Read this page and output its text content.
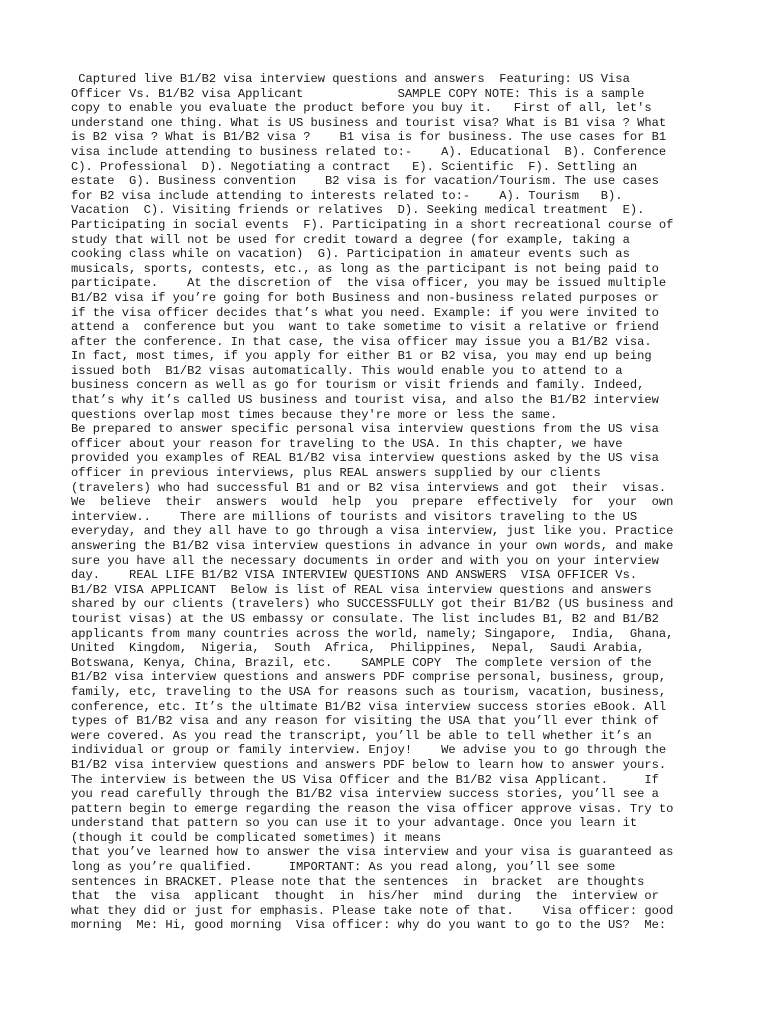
Captured live B1/B2 visa interview questions and answers  Featuring: US Visa
Officer Vs. B1/B2 visa Applicant             SAMPLE COPY NOTE: This is a sample
copy to enable you evaluate the product before you buy it.   First of all, let's
understand one thing. What is US business and tourist visa? What is B1 visa ? What
is B2 visa ? What is B1/B2 visa ?    B1 visa is for business. The use cases for B1
visa include attending to business related to:-    A). Educational  B). Conference
C). Professional  D). Negotiating a contract   E). Scientific  F). Settling an
estate  G). Business convention    B2 visa is for vacation/Tourism. The use cases
for B2 visa include attending to interests related to:-    A). Tourism   B).
Vacation  C). Visiting friends or relatives  D). Seeking medical treatment  E).
Participating in social events  F). Participating in a short recreational course of
study that will not be used for credit toward a degree (for example, taking a
cooking class while on vacation)  G). Participation in amateur events such as
musicals, sports, contests, etc., as long as the participant is not being paid to
participate.    At the discretion of  the visa officer, you may be issued multiple
B1/B2 visa if you’re going for both Business and non-business related purposes or
if the visa officer decides that’s what you need. Example: if you were invited to
attend a  conference but you  want to take sometime to visit a relative or friend
after the conference. In that case, the visa officer may issue you a B1/B2 visa.
In fact, most times, if you apply for either B1 or B2 visa, you may end up being
issued both  B1/B2 visas automatically. This would enable you to attend to a
business concern as well as go for tourism or visit friends and family. Indeed,
that’s why it’s called US business and tourist visa, and also the B1/B2 interview
questions overlap most times because they're more or less the same.
Be prepared to answer specific personal visa interview questions from the US visa
officer about your reason for traveling to the USA. In this chapter, we have
provided you examples of REAL B1/B2 visa interview questions asked by the US visa
officer in previous interviews, plus REAL answers supplied by our clients
(travelers) who had successful B1 and or B2 visa interviews and got  their  visas.
We  believe  their  answers  would  help  you  prepare  effectively  for  your  own
interview..    There are millions of tourists and visitors traveling to the US
everyday, and they all have to go through a visa interview, just like you. Practice
answering the B1/B2 visa interview questions in advance in your own words, and make
sure you have all the necessary documents in order and with you on your interview
day.    REAL LIFE B1/B2 VISA INTERVIEW QUESTIONS AND ANSWERS  VISA OFFICER Vs.
B1/B2 VISA APPLICANT  Below is list of REAL visa interview questions and answers
shared by our clients (travelers) who SUCCESSFULLY got their B1/B2 (US business and
tourist visas) at the US embassy or consulate. The list includes B1, B2 and B1/B2
applicants from many countries across the world, namely; Singapore,  India,  Ghana,
United  Kingdom,  Nigeria,  South  Africa,  Philippines,  Nepal,  Saudi Arabia,
Botswana, Kenya, China, Brazil, etc.    SAMPLE COPY  The complete version of the
B1/B2 visa interview questions and answers PDF comprise personal, business, group,
family, etc, traveling to the USA for reasons such as tourism, vacation, business,
conference, etc. It’s the ultimate B1/B2 visa interview success stories eBook. All
types of B1/B2 visa and any reason for visiting the USA that you’ll ever think of
were covered. As you read the transcript, you’ll be able to tell whether it’s an
individual or group or family interview. Enjoy!    We advise you to go through the
B1/B2 visa interview questions and answers PDF below to learn how to answer yours.
The interview is between the US Visa Officer and the B1/B2 visa Applicant.     If
you read carefully through the B1/B2 visa interview success stories, you’ll see a
pattern begin to emerge regarding the reason the visa officer approve visas. Try to
understand that pattern so you can use it to your advantage. Once you learn it
(though it could be complicated sometimes) it means
that you’ve learned how to answer the visa interview and your visa is guaranteed as
long as you’re qualified.     IMPORTANT: As you read along, you’ll see some
sentences in BRACKET. Please note that the sentences  in  bracket  are thoughts
that  the  visa  applicant  thought  in  his/her  mind  during  the  interview or
what they did or just for emphasis. Please take note of that.    Visa officer: good
morning  Me: Hi, good morning  Visa officer: why do you want to go to the US?  Me:
